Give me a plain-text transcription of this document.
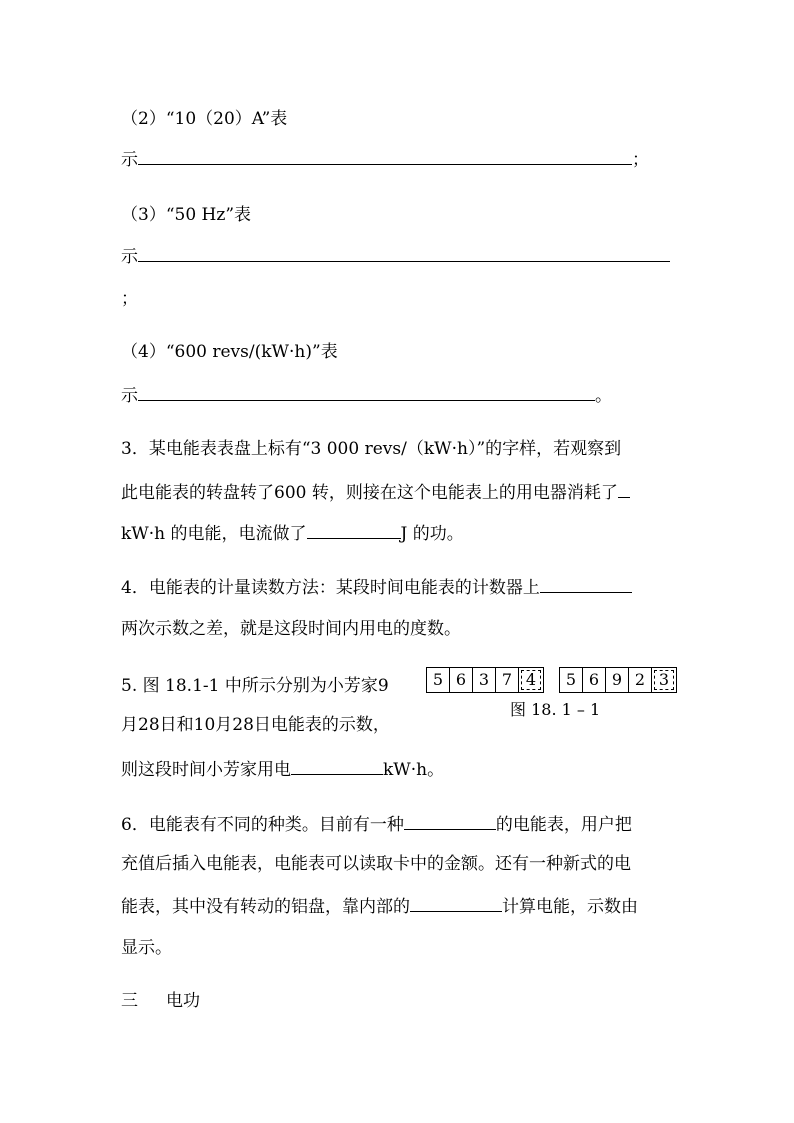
（2）“10（20）A”表
示	；
（3）“50 Hz”表
示
；
（4）“600 revs/(kW·h)”表
示	。
3．某电能表表盘上标有“3 000 revs/（kW·h）”的字样，若观察到
此电能表的转盘转了600 转，则接在这个电能表上的用电器消耗了
kW·h 的电能，电流做了	J 的功。
4．电能表的计量读数方法：某段时间电能表的计数器上
两次示数之差，就是这段时间内用电的度数。
5. 图 18.1-1 中所示分别为小芳家9
月28日和10月28日电能表的示数，
则这段时间小芳家用电	kW·h。
5 6 3 7 4	5 6 9 2 3
图 18. 1 – 1
6．电能表有不同的种类。目前有一种	的电能表，用户把
充值后插入电能表，电能表可以读取卡中的金额。还有一种新式的电
能表，其中没有转动的铝盘，靠内部的	计算电能，示数由
显示。
三 电功
